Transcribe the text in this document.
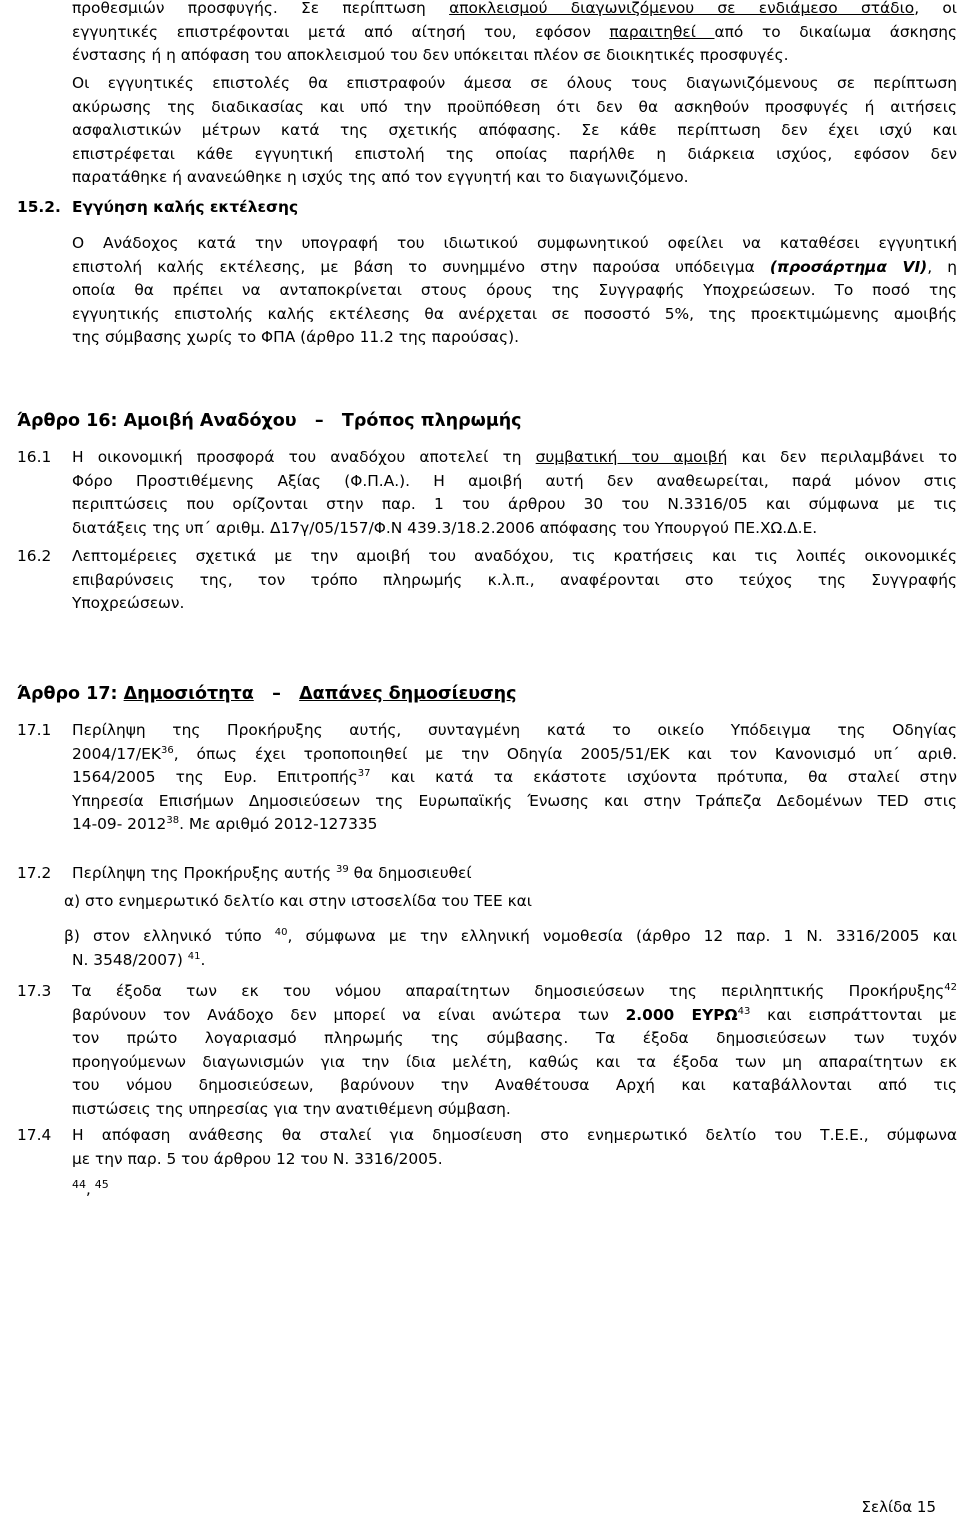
προθεσμιών προσφυγής. Σε περίπτωση αποκλεισμού διαγωνιζόμενου σε ενδιάμεσο στάδιο, οι
εγγυητικές επιστρέφονται μετά από αίτησή του, εφόσον παραιτηθεί από το δικαίωμα άσκησης
ένστασης ή η απόφαση του αποκλεισμού του δεν υπόκειται πλέον σε διοικητικές προσφυγές.
Οι εγγυητικές επιστολές θα επιστραφούν άμεσα σε όλους τους διαγωνιζόμενους σε περίπτωση
ακύρωσης της διαδικασίας και υπό την προϋπόθεση ότι δεν θα ασκηθούν προσφυγές ή αιτήσεις
ασφαλιστικών μέτρων κατά της σχετικής απόφασης. Σε κάθε περίπτωση δεν έχει ισχύ και
επιστρέφεται κάθε εγγυητική επιστολή της οποίας παρήλθε η διάρκεια ισχύος, εφόσον δεν
παρατάθηκε ή ανανεώθηκε η ισχύς της από τον εγγυητή και το διαγωνιζόμενο.
15.2. Εγγύηση καλής εκτέλεσης
Ο Ανάδοχος κατά την υπογραφή του ιδιωτικού συμφωνητικού οφείλει να καταθέσει εγγυητική
επιστολή καλής εκτέλεσης, με βάση το συνημμένο στην παρούσα υπόδειγμα (προσάρτημα VI), η
οποία θα πρέπει να ανταποκρίνεται στους όρους της Συγγραφής Υποχρεώσεων. Το ποσό της
εγγυητικής επιστολής καλής εκτέλεσης θα ανέρχεται σε ποσοστό 5%, της προεκτιμώμενης αμοιβής
της σύμβασης χωρίς το ΦΠΑ (άρθρο 11.2 της παρούσας).
Άρθρο 16: Αμοιβή Αναδόχου – Τρόπος πληρωμής
16.1 Η οικονομική προσφορά του αναδόχου αποτελεί τη συμβατική του αμοιβή και δεν περιλαμβάνει το
Φόρο Προστιθέμενης Αξίας (Φ.Π.Α.). Η αμοιβή αυτή δεν αναθεωρείται, παρά μόνον στις
περιπτώσεις που ορίζονται στην παρ. 1 του άρθρου 30 του Ν.3316/05 και σύμφωνα με τις
διατάξεις της υπ΄ αριθμ. Δ17γ/05/157/Φ.Ν 439.3/18.2.2006 απόφασης του Υπουργού ΠΕ.ΧΩ.Δ.Ε.
16.2 Λεπτομέρειες σχετικά με την αμοιβή του αναδόχου, τις κρατήσεις και τις λοιπές οικονομικές
επιβαρύνσεις της, τον τρόπο πληρωμής κ.λ.π., αναφέρονται στο τεύχος της Συγγραφής
Υποχρεώσεων.
Άρθρο 17: Δημοσιότητα – Δαπάνες δημοσίευσης
17.1 Περίληψη της Προκήρυξης αυτής, συνταγμένη κατά το οικείο Υπόδειγμα της Οδηγίας
2004/17/ΕΚ$^{36}$, όπως έχει τροποποιηθεί με την Οδηγία 2005/51/ΕΚ και τον Κανονισμό υπ΄ αριθ.
1564/2005 της Ευρ. Επιτροπής$^{37}$ και κατά τα εκάστοτε ισχύοντα πρότυπα, θα σταλεί στην
Υπηρεσία Επισήμων Δημοσιεύσεων της Ευρωπαϊκής Ένωσης και στην Τράπεζα Δεδομένων TED στις
14-09- 2012$^{38}$. Με αριθμό 2012-127335
17.2 Περίληψη της Προκήρυξης αυτής $^{39}$ θα δημοσιευθεί
α) στο ενημερωτικό δελτίο και στην ιστοσελίδα του ΤΕΕ και
β) στον ελληνικό τύπο $^{40}$, σύμφωνα με την ελληνική νομοθεσία (άρθρο 12 παρ. 1 Ν. 3316/2005 και
Ν. 3548/2007) $^{41}$.
17.3 Τα έξοδα των εκ του νόμου απαραίτητων δημοσιεύσεων της περιληπτικής Προκήρυξης$^{42}$
βαρύνουν τον Ανάδοχο δεν μπορεί να είναι ανώτερα των 2.000 ΕΥΡΩ$^{43}$ και εισπράττονται με
τον πρώτο λογαριασμό πληρωμής της σύμβασης. Τα έξοδα δημοσιεύσεων των τυχόν
προηγούμενων διαγωνισμών για την ίδια μελέτη, καθώς και τα έξοδα των μη απαραίτητων εκ
του νόμου δημοσιεύσεων, βαρύνουν την Αναθέτουσα Αρχή και καταβάλλονται από τις
πιστώσεις της υπηρεσίας για την ανατιθέμενη σύμβαση.
17.4 Η απόφαση ανάθεσης θα σταλεί για δημοσίευση στο ενημερωτικό δελτίο του Τ.Ε.Ε., σύμφωνα
με την παρ. 5 του άρθρου 12 του Ν. 3316/2005.
44, 45
Σελίδα 15
